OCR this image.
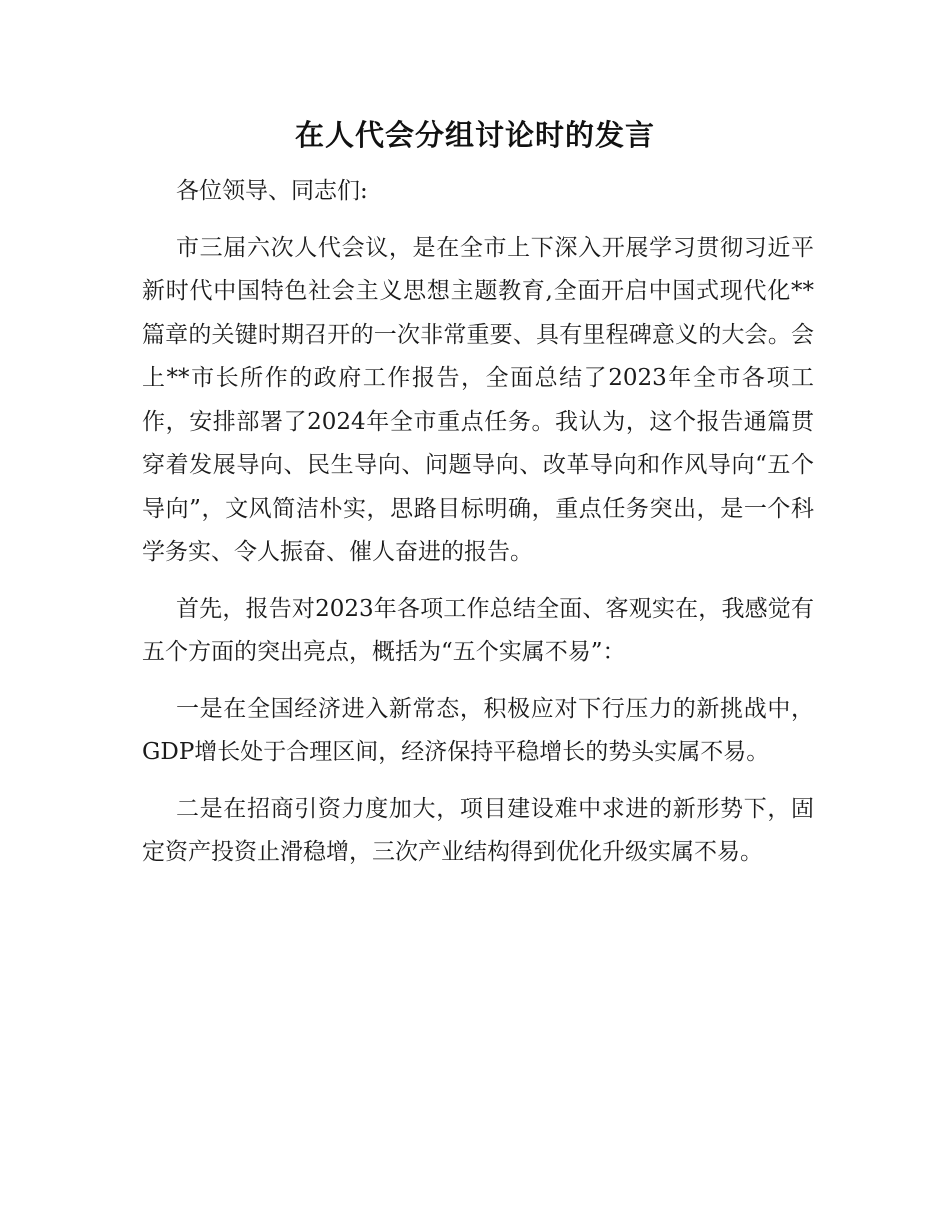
在人代会分组讨论时的发言

各位领导、同志们:

市三届六次人代会议，是在全市上下深入开展学习贯彻习近平新时代中国特色社会主义思想主题教育,全面开启中国式现代化**篇章的关键时期召开的一次非常重要、具有里程碑意义的大会。会上**市长所作的政府工作报告，全面总结了2023年全市各项工作，安排部署了2024年全市重点任务。我认为，这个报告通篇贯穿着发展导向、民生导向、问题导向、改革导向和作风导向“五个导向”，文风简洁朴实，思路目标明确，重点任务突出，是一个科学务实、令人振奋、催人奋进的报告。

首先，报告对2023年各项工作总结全面、客观实在，我感觉有五个方面的突出亮点，概括为“五个实属不易”：

一是在全国经济进入新常态，积极应对下行压力的新挑战中，GDP增长处于合理区间，经济保持平稳增长的势头实属不易。

二是在招商引资力度加大，项目建设难中求进的新形势下，固定资产投资止滑稳增，三次产业结构得到优化升级实属不易。
